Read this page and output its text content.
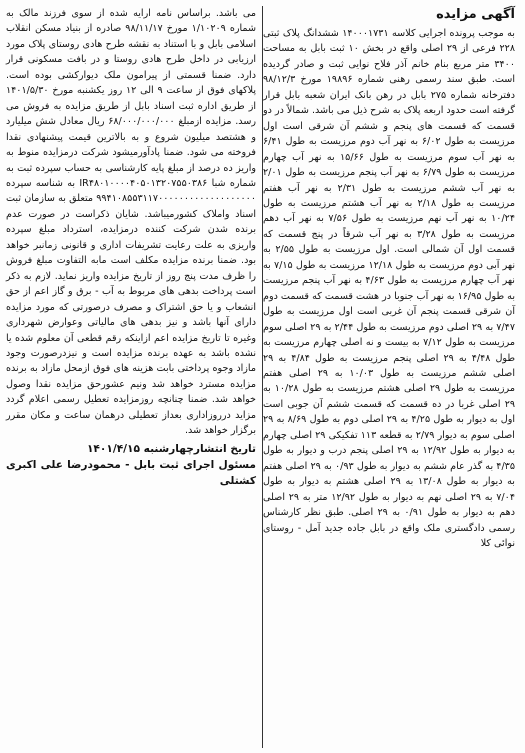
آگهی مزایده

به موجب پرونده اجرایی کلاسه ۱۴۰۰۰۱۷۳۱ ششدانگ پلاک ثبتی ۲۲۸ فرعی از ۲۹ اصلی واقع در بخش ۱۰ ثبت بابل به مساحت ۳۴۰۰ متر مربع بنام خانم آذر فلاح نوایی ثبت و صادر گردیده است. طبق سند رسمی رهنی شماره ۱۹۸۹۶ مورخ ۹۸/۱۲/۳ دفترخانه شماره ۲۷۵ بابل در رهن بانک ایران شعبه بابل قرار گرفته است حدود اربعه پلاک به شرح ذیل می باشد. شمالاً در دو قسمت که قسمت های پنجم و ششم آن شرقی است اول مرزیست به طول ۶/۰۲ به نهر آب دوم مرزیست به طول ۶/۴۱ به نهر آب سوم مرزیست به طول ۱۵/۶۶ به نهر آب چهارم مرزیست به طول ۶/۷۹ به نهر آب پنجم مرزیست به طول ۲/۰۱ به نهر آب ششم مرزیست به طول ۲/۳۱ به نهر آب هفتم مرزیست به طول ۲/۱۸ به نهر آب هشتم مرزیست به طول ۱۰/۲۴ به نهر آب نهم مرزیست به طول ۷/۵۶ به نهر آب دهم مرزیست به طول ۳/۲۸ به نهر آب شرقاً در پنج قسمت که قسمت اول آن شمالی است. اول مرزیست به طول ۲/۵۵ به نهر آبی دوم مرزیست به طول ۱۲/۱۸ مرزیست به طول ۷/۱۵ به نهر آب چهارم مرزیست به طول ۴/۶۳ به نهر آب پنجم مرزیست به طول ۱۶/۹۵ به نهر آب جنوبا در هشت قسمت که قسمت دوم آن شرقی قسمت پنجم آن غربی است اول مرزیست به طول ۷/۴۷ به ۲۹ اصلی دوم مرزیست به طول ۲/۴۴ به ۲۹ اصلی سوم مرزیست به طول ۷/۱۲ به بیست و نه اصلی چهارم مرزیست به طول ۴/۴۸ به ۲۹ اصلی پنجم مرزیست به طول ۴/۸۴ به ۲۹ اصلی ششم مرزیست به طول ۱۰/۰۳ به ۲۹ اصلی هفتم مرزیست به طول ۲۹ اصلی هشتم مرزیست به طول ۱۰/۲۸ به ۲۹ اصلی غربا در ده قسمت که قسمت ششم آن جوبی است اول به دیوار به طول ۴/۲۵ به ۲۹ اصلی دوم به طول ۸/۶۹ به ۲۹ اصلی سوم به دیوار ۲/۷۹ به قطعه ۱۱۳ تفکیکی ۲۹ اصلی چهارم به دیوار به طول ۱۲/۹۲ به ۲۹ اصلی پنجم درب و دیوار به طول ۴/۳۵ به گذر عام ششم به دیوار به طول ۰/۹۳ به ۲۹ اصلی هفتم به دیوار به طول ۱۳/۰۸ به ۲۹ اصلی هشتم به دیوار به طول ۷/۰۴ به ۲۹ اصلی نهم به دیوار به طول ۱۲/۹۲ متر به ۲۹ اصلی دهم به دیوار به طول ۰/۹۱ به ۲۹ اصلی. طبق نظر کارشناس رسمی دادگستری ملک واقع در بابل جاده جدید آمل - روستای نوائی کلا

می باشد. براساس نامه ارایه شده از سوی فرزند مالک به شماره ۱/۱۰۲۰۹ مورخ ۹۸/۱۱/۱۷ صادره از بنیاد مسکن انقلاب اسلامی بابل و با استناد به نقشه طرح هادی روستای پلاک مورد ارزیابی در داخل طرح هادی روستا و در بافت مسکونی قرار دارد. ضمنا قسمتی از پیرامون ملک دیوارکشی بوده است. پلاکهای فوق از ساعت ۹ الی ۱۲ روز یکشنبه مورخ ۱۴۰۱/۵/۳۰ از طریق اداره ثبت اسناد بابل از طریق مزایده به فروش می رسد. مزایده ازمبلغ ۶۸/۰۰۰/۰۰۰/۰۰۰ ریال معادل شش میلیارد و هشتصد میلیون شروع و به بالاترین قیمت پیشنهادی نقدا فروخته می شود. ضمنا پادآورمیشود شرکت درمزایده منوط به واریز ده درصد از مبلغ پایه کارشناسی به حساب سپرده ثبت به شماره شبا IR۴۸۰۱۰۰۰۰۴۰۵۰۱۳۲۰۷۵۵۰۳۸۶ به شناسه سپرده ۹۹۴۱۰۸۵۵۳۱۱۷۰۰۰۰۰۰۰۰۰۰۰۰۰۰۰۰۰۰۰ متعلق به سازمان ثبت اسناد واملاک کشورمیباشد. شایان ذکراست در صورت عدم برنده شدن شرکت کننده درمزایده، استرداد مبلغ سپرده واریزی به علت رعایت تشریفات اداری و قانونی زمانبر خواهد بود. ضمنا برنده مزایده مکلف است مابه التفاوت مبلغ فروش را ظرف مدت پنج روز از تاریخ مزایده واریز نماید. لازم به ذکر است پرداخت بدهی های مربوط به آب - برق و گاز اعم از حق انشعاب و یا حق اشتراک و مصرف درصورتی که مورد مزایده دارای آنها باشد و نیز بدهی های مالیاتی وعوارض شهرداری وغیره تا تاریخ مزایده اعم ازاینکه رقم قطعی آن معلوم شده یا نشده باشد به عهده برنده مزایده است و نیزدرصورت وجود مازاد وجوه پرداختی بابت هزینه های فوق ازمحل مازاد به برنده مزایده مسترد خواهد شد ونیم عشورحق مزایده نقدا وصول خواهد شد. ضمنا چنانچه روزمزایده تعطیل رسمی اعلام گردد مزاید درروزاداری بعداز تعطیلی درهمان ساعت و مکان مقرر برگزار خواهد شد.

تاریخ انتشارچهارشنبه ۱۴۰۱/۴/۱۵
مسئول اجرای ثبت بابل - محمودرضا علی اکبری کشتلی
